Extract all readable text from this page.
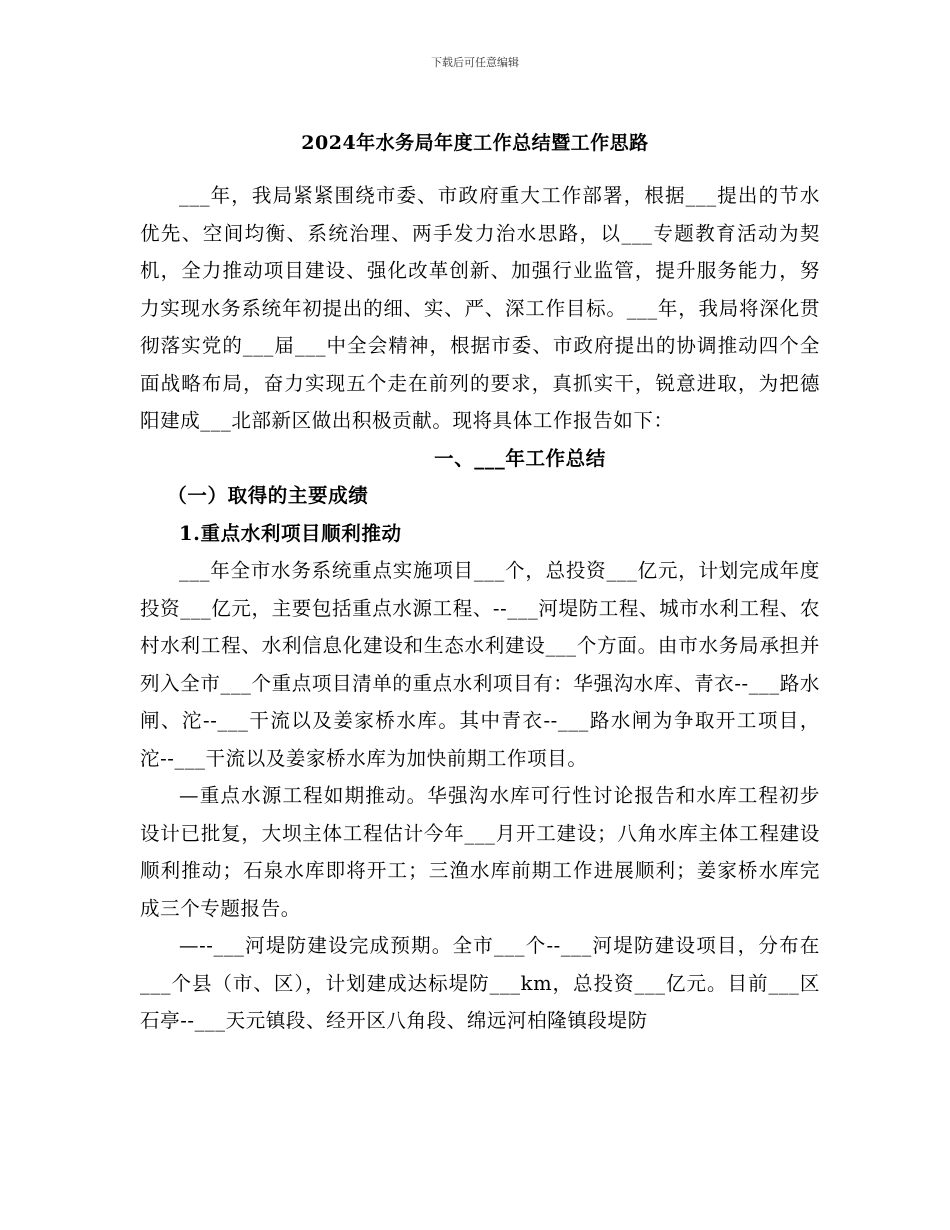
下载后可任意编辑
2024年水务局年度工作总结暨工作思路

___年，我局紧紧围绕市委、市政府重大工作部署，根据___提出的节水优先、空间均衡、系统治理、两手发力治水思路，以___专题教育活动为契机，全力推动项目建设、强化改革创新、加强行业监管，提升服务能力，努力实现水务系统年初提出的细、实、严、深工作目标。___年，我局将深化贯彻落实党的___届___中全会精神，根据市委、市政府提出的协调推动四个全面战略布局，奋力实现五个走在前列的要求，真抓实干，锐意进取，为把德阳建成___北部新区做出积极贡献。现将具体工作报告如下：

一、___年工作总结

（一）取得的主要成绩

1.重点水利项目顺利推动

___年全市水务系统重点实施项目___个，总投资___亿元，计划完成年度投资___亿元，主要包括重点水源工程、--___河堤防工程、城市水利工程、农村水利工程、水利信息化建设和生态水利建设___个方面。由市水务局承担并列入全市___个重点项目清单的重点水利项目有：华强沟水库、青衣--___路水闸、沱--___干流以及姜家桥水库。其中青衣--___路水闸为争取开工项目，沱--___干流以及姜家桥水库为加快前期工作项目。

—重点水源工程如期推动。华强沟水库可行性讨论报告和水库工程初步设计已批复，大坝主体工程估计今年___月开工建设；八角水库主体工程建设顺利推动；石泉水库即将开工；三渔水库前期工作进展顺利；姜家桥水库完成三个专题报告。

—--___河堤防建设完成预期。全市___个--___河堤防建设项目，分布在___个县（市、区），计划建成达标堤防___km，总投资___亿元。目前___区石亭--___天元镇段、经开区八角段、绵远河柏隆镇段堤防
